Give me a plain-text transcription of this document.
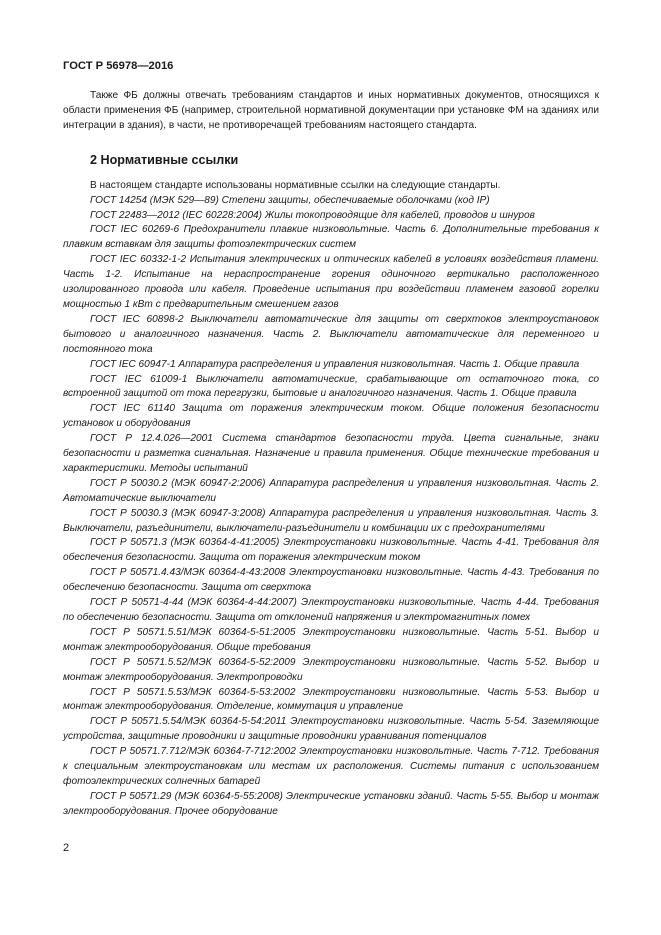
ГОСТ Р 56978—2016

Также ФБ должны отвечать требованиям стандартов и иных нормативных документов, относящихся к области применения ФБ (например, строительной нормативной документации при установке ФМ на зданиях или интеграции в здания), в части, не противоречащей требованиям настоящего стандарта.

2 Нормативные ссылки

В настоящем стандарте использованы нормативные ссылки на следующие стандарты.

ГОСТ 14254 (МЭК 529—89) Степени защиты, обеспечиваемые оболочками (код IP)

ГОСТ 22483—2012 (IEC 60228:2004) Жилы токопроводящие для кабелей, проводов и шнуров

ГОСТ IEC 60269-6 Предохранители плавкие низковольтные. Часть 6. Дополнительные требования к плавким вставкам для защиты фотоэлектрических систем

ГОСТ IEC 60332-1-2 Испытания электрических и оптических кабелей в условиях воздействия пламени. Часть 1-2. Испытание на нераспространение горения одиночного вертикально расположенного изолированного провода или кабеля. Проведение испытания при воздействии пламенем газовой горелки мощностью 1 кВт с предварительным смешением газов

ГОСТ IEC 60898-2 Выключатели автоматические для защиты от сверхтоков электроустановок бытового и аналогичного назначения. Часть 2. Выключатели автоматические для переменного и постоянного тока

ГОСТ IEC 60947-1 Аппаратура распределения и управления низковольтная. Часть 1. Общие правила

ГОСТ IEC 61009-1 Выключатели автоматические, срабатывающие от остаточного тока, со встроенной защитой от тока перегрузки, бытовые и аналогичного назначения. Часть 1. Общие правила

ГОСТ IEC 61140 Защита от поражения электрическим током. Общие положения безопасности установок и оборудования

ГОСТ Р 12.4.026—2001 Система стандартов безопасности труда. Цвета сигнальные, знаки безопасности и разметка сигнальная. Назначение и правила применения. Общие технические требования и характеристики. Методы испытаний

ГОСТ Р 50030.2 (МЭК 60947-2:2006) Аппаратура распределения и управления низковольтная. Часть 2. Автоматические выключатели

ГОСТ Р 50030.3 (МЭК 60947-3:2008) Аппаратура распределения и управления низковольтная. Часть 3. Выключатели, разъединители, выключатели-разъединители и комбинации их с предохранителями

ГОСТ Р 50571.3 (МЭК 60364-4-41:2005) Электроустановки низковольтные. Часть 4-41. Требования для обеспечения безопасности. Защита от поражения электрическим током

ГОСТ Р 50571.4.43/МЭК 60364-4-43:2008 Электроустановки низковольтные. Часть 4-43. Требования по обеспечению безопасности. Защита от сверхтока

ГОСТ Р 50571-4-44 (МЭК 60364-4-44:2007) Электроустановки низковольтные. Часть 4-44. Требования по обеспечению безопасности. Защита от отклонений напряжения и электромагнитных помех

ГОСТ Р 50571.5.51/МЭК 60364-5-51:2005 Электроустановки низковольтные. Часть 5-51. Выбор и монтаж электрооборудования. Общие требования

ГОСТ Р 50571.5.52/МЭК 60364-5-52:2009 Электроустановки низковольтные. Часть 5-52. Выбор и монтаж электрооборудования. Электропроводки

ГОСТ Р 50571.5.53/МЭК 60364-5-53:2002 Электроустановки низковольтные. Часть 5-53. Выбор и монтаж электрооборудования. Отделение, коммутация и управление

ГОСТ Р 50571.5.54/МЭК 60364-5-54:2011 Электроустановки низковольтные. Часть 5-54. Заземляющие устройства, защитные проводники и защитные проводники уравнивания потенциалов

ГОСТ Р 50571.7.712/МЭК 60364-7-712:2002 Электроустановки низковольтные. Часть 7-712. Требования к специальным электроустановкам или местам их расположения. Системы питания с использованием фотоэлектрических солнечных батарей

ГОСТ Р 50571.29 (МЭК 60364-5-55:2008) Электрические установки зданий. Часть 5-55. Выбор и монтаж электрооборудования. Прочее оборудование

2
